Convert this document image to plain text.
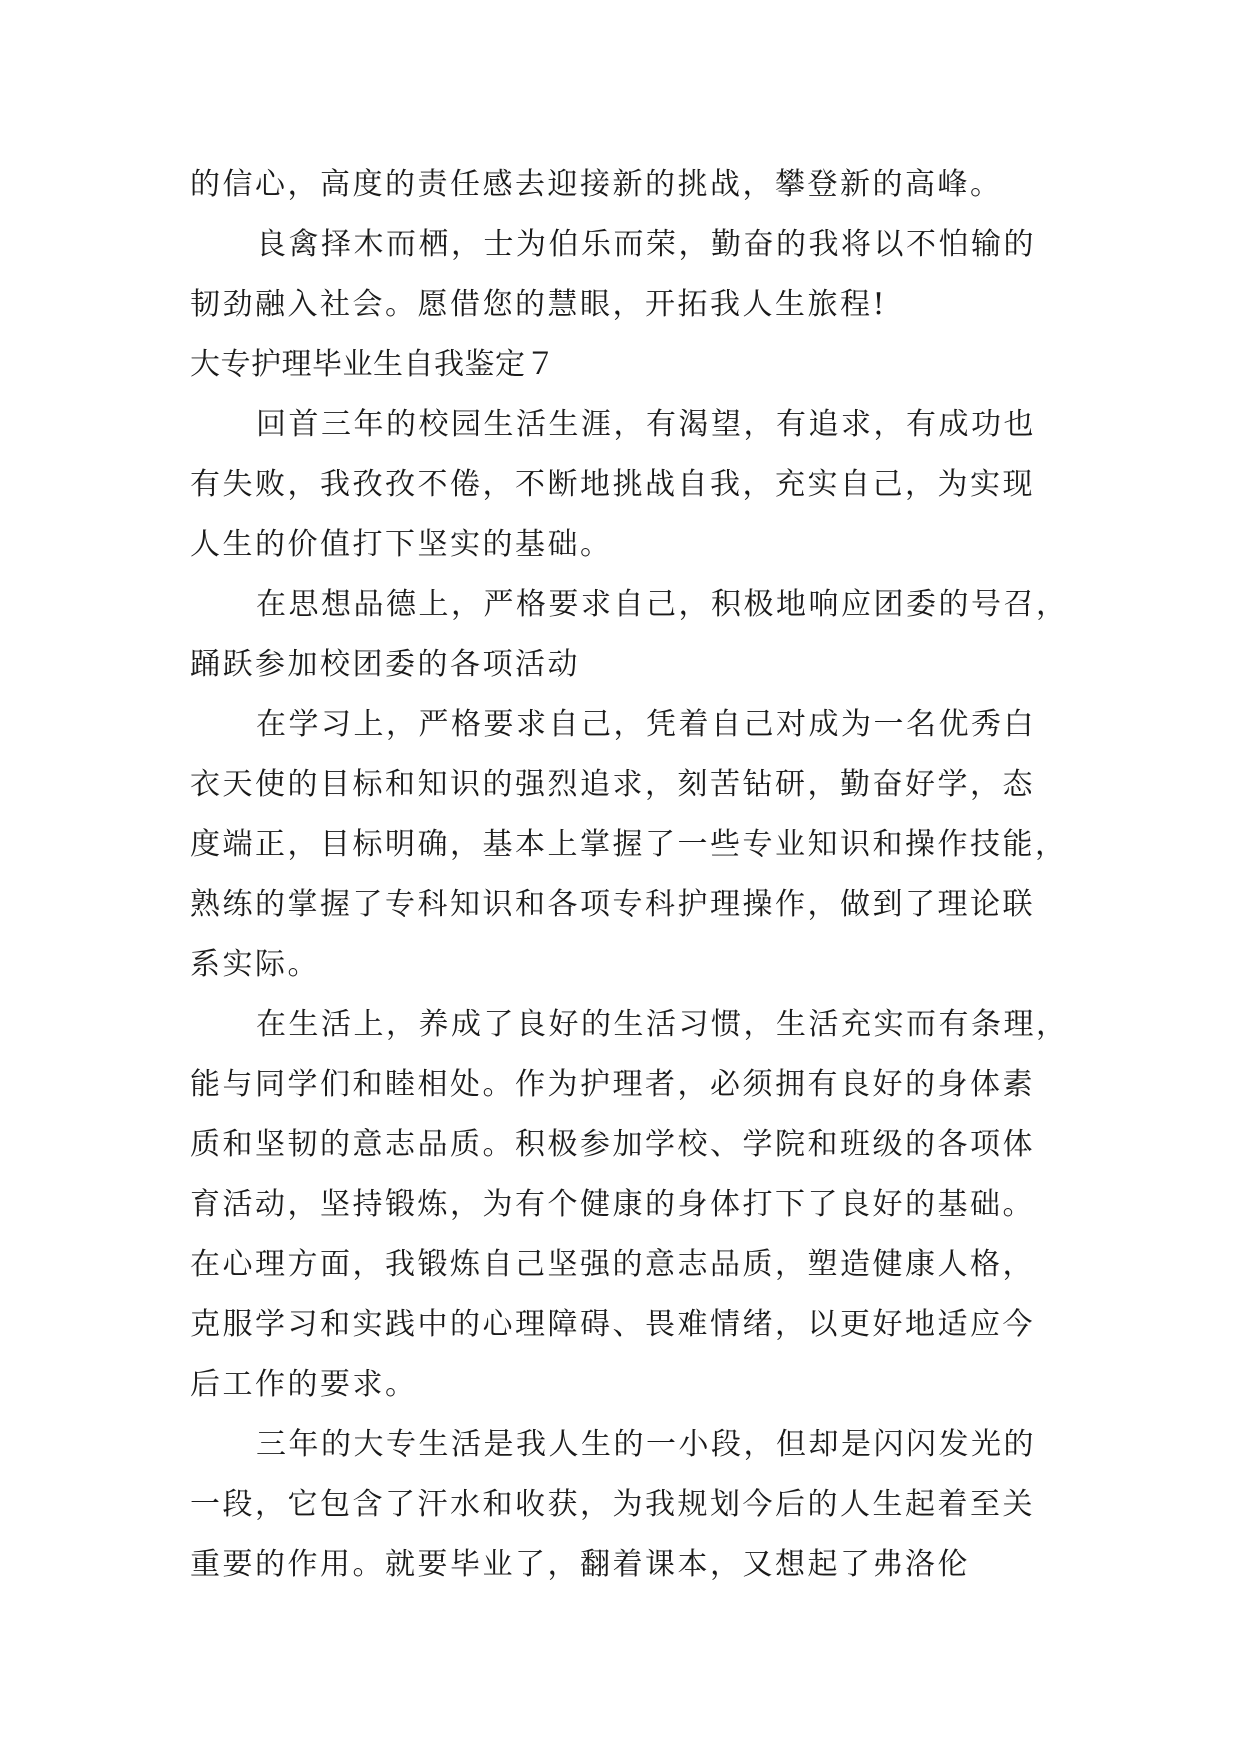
的信心，高度的责任感去迎接新的挑战，攀登新的高峰。
良禽择木而栖，士为伯乐而荣，勤奋的我将以不怕输的
韧劲融入社会。愿借您的慧眼，开拓我人生旅程!
大专护理毕业生自我鉴定７
回首三年的校园生活生涯，有渴望，有追求，有成功也
有失败，我孜孜不倦，不断地挑战自我，充实自己，为实现
人生的价值打下坚实的基础。
在思想品德上，严格要求自己，积极地响应团委的号召，
踊跃参加校团委的各项活动
在学习上，严格要求自己，凭着自己对成为一名优秀白
衣天使的目标和知识的强烈追求，刻苦钻研，勤奋好学，态
度端正，目标明确，基本上掌握了一些专业知识和操作技能，
熟练的掌握了专科知识和各项专科护理操作，做到了理论联
系实际。
在生活上，养成了良好的生活习惯，生活充实而有条理，
能与同学们和睦相处。作为护理者，必须拥有良好的身体素
质和坚韧的意志品质。积极参加学校、学院和班级的各项体
育活动，坚持锻炼，为有个健康的身体打下了良好的基础。
在心理方面，我锻炼自己坚强的意志品质，塑造健康人格，
克服学习和实践中的心理障碍、畏难情绪，以更好地适应今
后工作的要求。
三年的大专生活是我人生的一小段，但却是闪闪发光的
一段，它包含了汗水和收获，为我规划今后的人生起着至关
重要的作用。就要毕业了，翻着课本，又想起了弗洛伦
